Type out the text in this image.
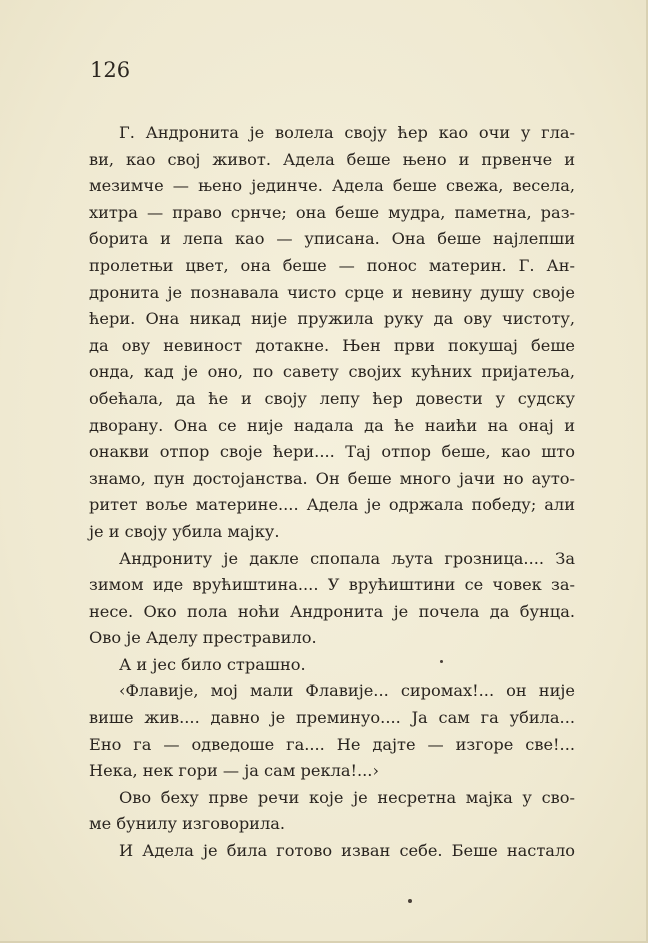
126
Г. Андронита је волела своју ћер као очи у гла-
ви, као свој живот. Адела беше њено и првенче и
мезимче — њено јединче. Адела беше свежа, весела,
хитра — право срнче; она беше мудра, паметна, раз-
борита и лепа као — уписана. Она беше најлепши
пролетњи цвет, она беше — понос материн. Г. Ан-
дронита је познавала чисто срце и невину душу своје
ћери. Она никад није пружила руку да ову чистоту,
да ову невиност дотакне. Њен први покушај беше
онда, кад је оно, по савету својих кућних пријатеља,
обећала, да ће и своју лепу ћер довести у судску
дворану. Она се није надала да ће наићи на онај и
онакви отпор своје ћери.... Тај отпор беше, као што
знамо, пун достојанства. Он беше много јачи но ауто-
ритет воље материне.... Адела је одржала победу; али
је и своју убила мајку.
Андрониту је дакле спопала љута грозница.... За
зимом иде врућиштина.... У врућиштини се човек за-
несе. Око пола ноћи Андронита је почела да бунца.
Ово је Аделу престравило.
А и јес било страшно.
‹Флавије, мој мали Флавије... сиромах!... он није
више жив.... давно је преминуо.... Ја сам га убила...
Ено га — одведоше га.... Не дајте — изгоре све!...
Нека, нек гори — ја сам рекла!...›
Ово беху прве речи које је несретна мајка у сво-
ме бунилу изговорила.
И Адела је била готово изван себе. Беше настало
